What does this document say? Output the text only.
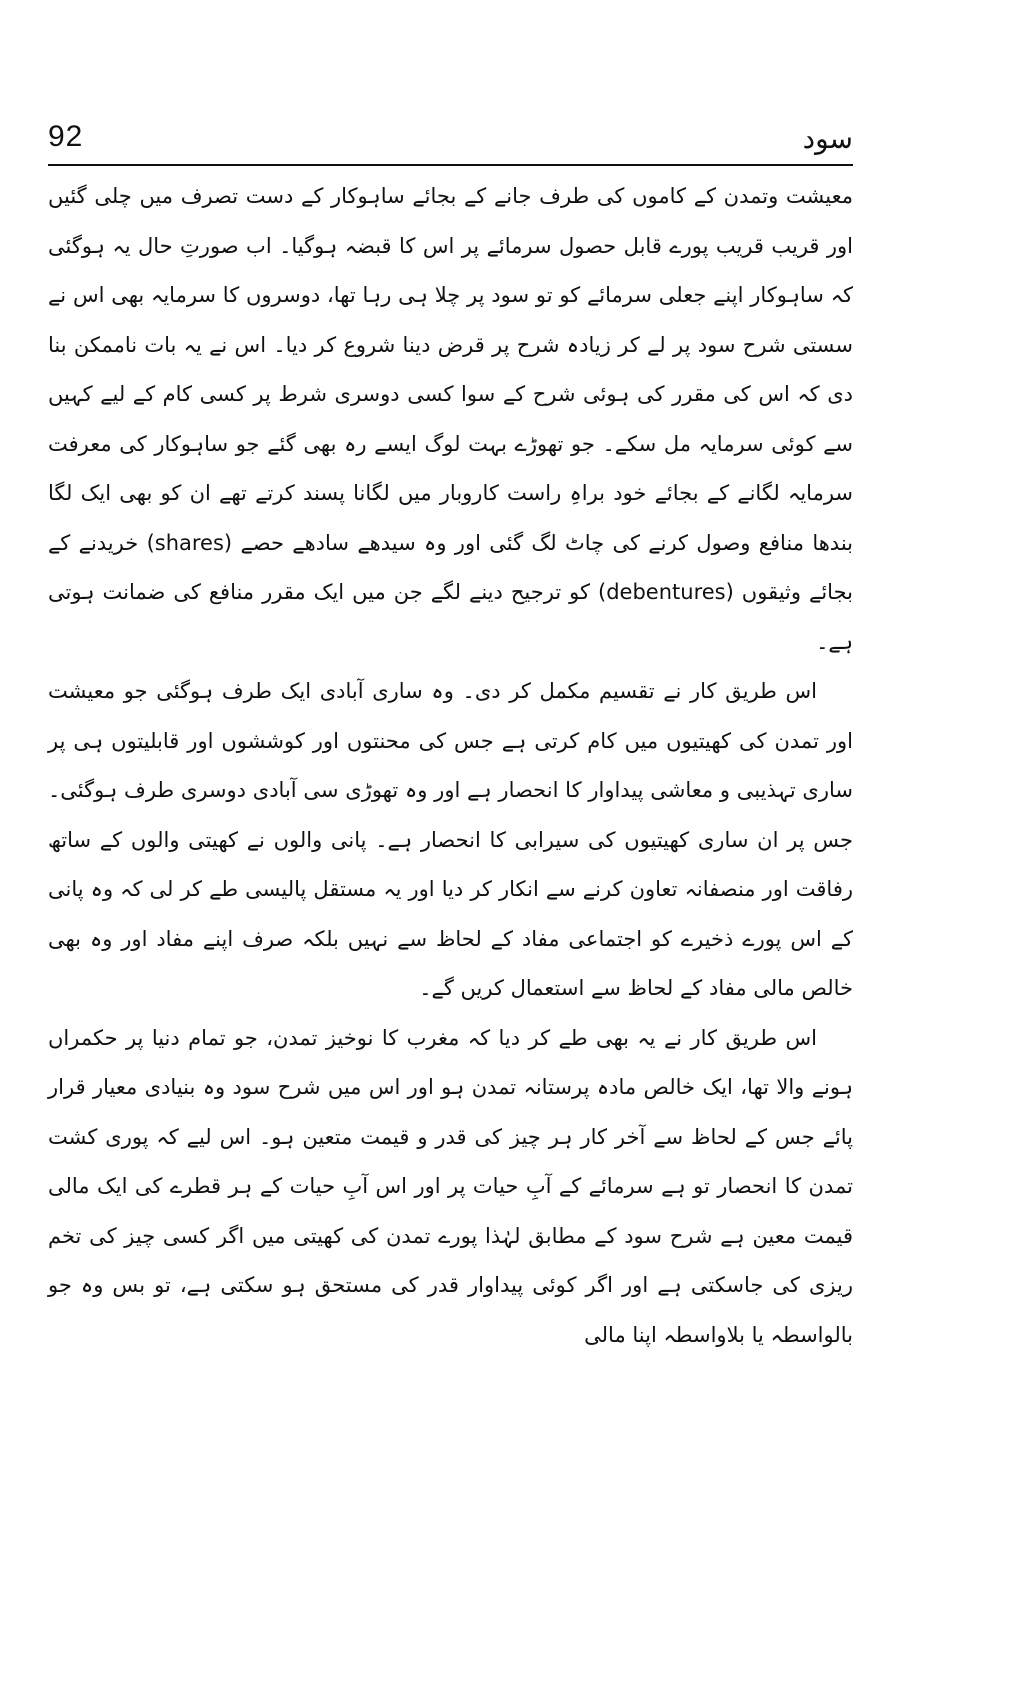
92	سود

معیشت وتمدن کے کاموں کی طرف جانے کے بجائے ساہوکار کے دست تصرف میں چلی گئیں اور قریب قریب پورے قابل حصول سرمائے پر اس کا قبضہ ہوگیا۔ اب صورتِ حال یہ ہوگئی کہ ساہوکار اپنے جعلی سرمائے کو تو سود پر چلا ہی رہا تھا، دوسروں کا سرمایہ بھی اس نے سستی شرح سود پر لے کر زیادہ شرح پر قرض دینا شروع کر دیا۔ اس نے یہ بات ناممکن بنا دی کہ اس کی مقرر کی ہوئی شرح کے سوا کسی دوسری شرط پر کسی کام کے لیے کہیں سے کوئی سرمایہ مل سکے۔ جو تھوڑے بہت لوگ ایسے رہ بھی گئے جو ساہوکار کی معرفت سرمایہ لگانے کے بجائے خود براہِ راست کاروبار میں لگانا پسند کرتے تھے ان کو بھی ایک لگا بندھا منافع وصول کرنے کی چاٹ لگ گئی اور وہ سیدھے سادھے حصے (shares) خریدنے کے بجائے وثیقوں (debentures) کو ترجیح دینے لگے جن میں ایک مقرر منافع کی ضمانت ہوتی ہے۔

اس طریق کار نے تقسیم مکمل کر دی۔ وہ ساری آبادی ایک طرف ہوگئی جو معیشت اور تمدن کی کھیتیوں میں کام کرتی ہے جس کی محنتوں اور کوششوں اور قابلیتوں ہی پر ساری تہذیبی و معاشی پیداوار کا انحصار ہے اور وہ تھوڑی سی آبادی دوسری طرف ہوگئی۔ جس پر ان ساری کھیتیوں کی سیرابی کا انحصار ہے۔ پانی والوں نے کھیتی والوں کے ساتھ رفاقت اور منصفانہ تعاون کرنے سے انکار کر دیا اور یہ مستقل پالیسی طے کر لی کہ وہ پانی کے اس پورے ذخیرے کو اجتماعی مفاد کے لحاظ سے نہیں بلکہ صرف اپنے مفاد اور وہ بھی خالص مالی مفاد کے لحاظ سے استعمال کریں گے۔

اس طریق کار نے یہ بھی طے کر دیا کہ مغرب کا نوخیز تمدن، جو تمام دنیا پر حکمراں ہونے والا تھا، ایک خالص مادہ پرستانہ تمدن ہو اور اس میں شرح سود وہ بنیادی معیار قرار پائے جس کے لحاظ سے آخر کار ہر چیز کی قدر و قیمت متعین ہو۔ اس لیے کہ پوری کشت تمدن کا انحصار تو ہے سرمائے کے آبِ حیات پر اور اس آبِ حیات کے ہر قطرے کی ایک مالی قیمت معین ہے شرح سود کے مطابق لہٰذا پورے تمدن کی کھیتی میں اگر کسی چیز کی تخم ریزی کی جاسکتی ہے اور اگر کوئی پیداوار قدر کی مستحق ہو سکتی ہے، تو بس وہ جو بالواسطہ یا بلاواسطہ اپنا مالی
